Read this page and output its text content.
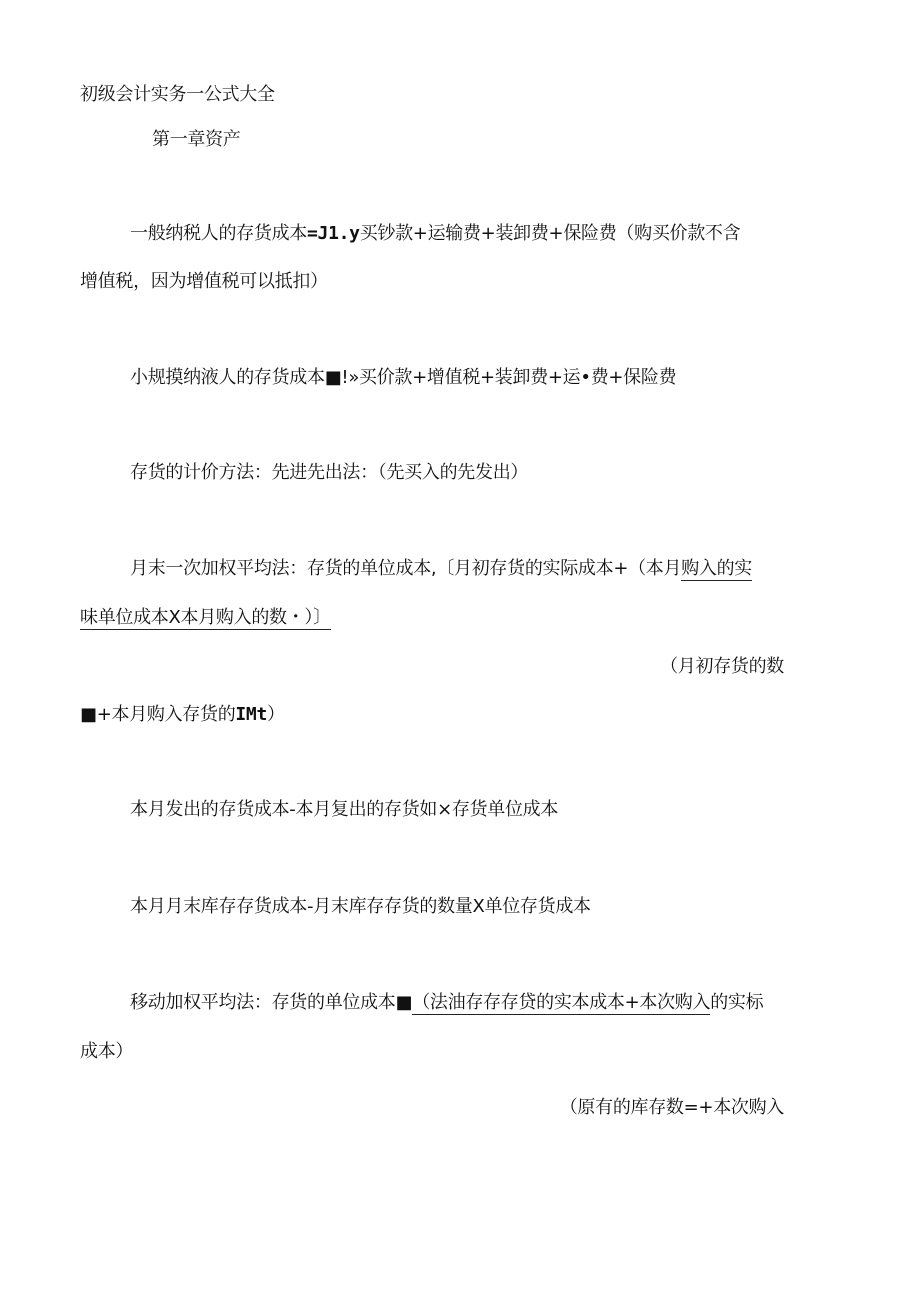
初级会计实务一公式大全
第一章资产
一般纳税人的存货成本=J1.y买钞款+运输费+装卸费+保险费（购买价款不含
增值税，因为增值税可以抵扣）
小规摸纳液人的存货成本■!»买价款+增值税+装卸费+运•费+保险费
存货的计价方法：先进先出法：（先买入的先发出）
月末一次加权平均法：存货的单位成本,〔月初存货的实际成本+（本月购入的实
味单位成本X本月购入的数・）〕
（月初存货的数
■+本月购入存货的IMt）
本月发出的存货成本-本月复出的存货如×存货单位成本
本月月末库存存货成本-月末库存存货的数量X单位存货成本
移动加权平均法：存货的单位成本■（法油存存存贷的实本成本+本次购入的实标
成本）
（原有的库存数=+本次购入
